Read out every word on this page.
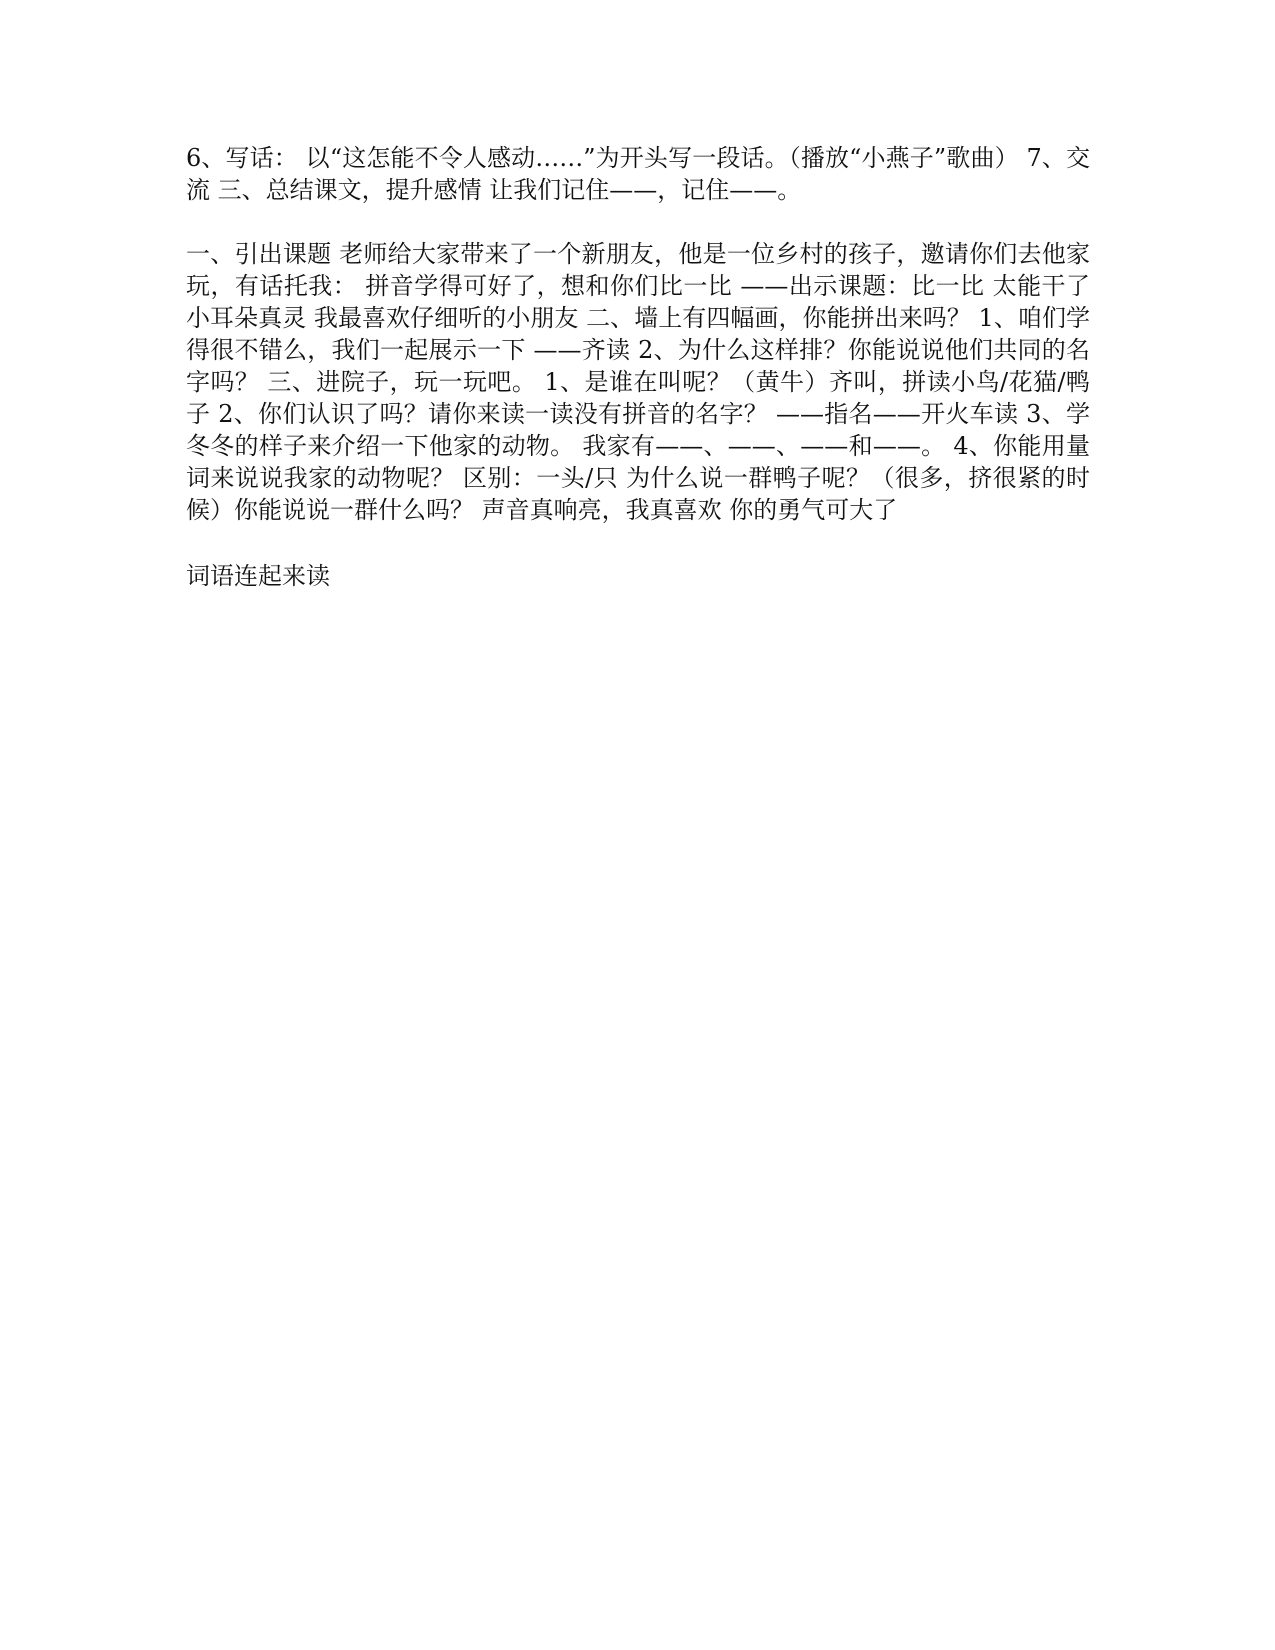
6、写话： 以“这怎能不令人感动……”为开头写一段话。（播放“小燕子”歌曲） 7、交流 三、总结课文，提升感情 让我们记住——，记住——。

一、引出课题 老师给大家带来了一个新朋友，他是一位乡村的孩子，邀请你们去他家玩，有话托我： 拼音学得可好了，想和你们比一比 ——出示课题：比一比 太能干了 小耳朵真灵 我最喜欢仔细听的小朋友 二、墙上有四幅画，你能拼出来吗？ 1、咱们学得很不错么，我们一起展示一下 ——齐读 2、为什么这样排？你能说说他们共同的名字吗？ 三、进院子，玩一玩吧。 1、是谁在叫呢？（黄牛）齐叫，拼读小鸟/花猫/鸭子 2、你们认识了吗？请你来读一读没有拼音的名字？ ——指名——开火车读 3、学冬冬的样子来介绍一下他家的动物。 我家有——、——、——和——。 4、你能用量词来说说我家的动物呢？ 区别：一头/只 为什么说一群鸭子呢？（很多，挤很紧的时候）你能说说一群什么吗？ 声音真响亮，我真喜欢 你的勇气可大了

词语连起来读
